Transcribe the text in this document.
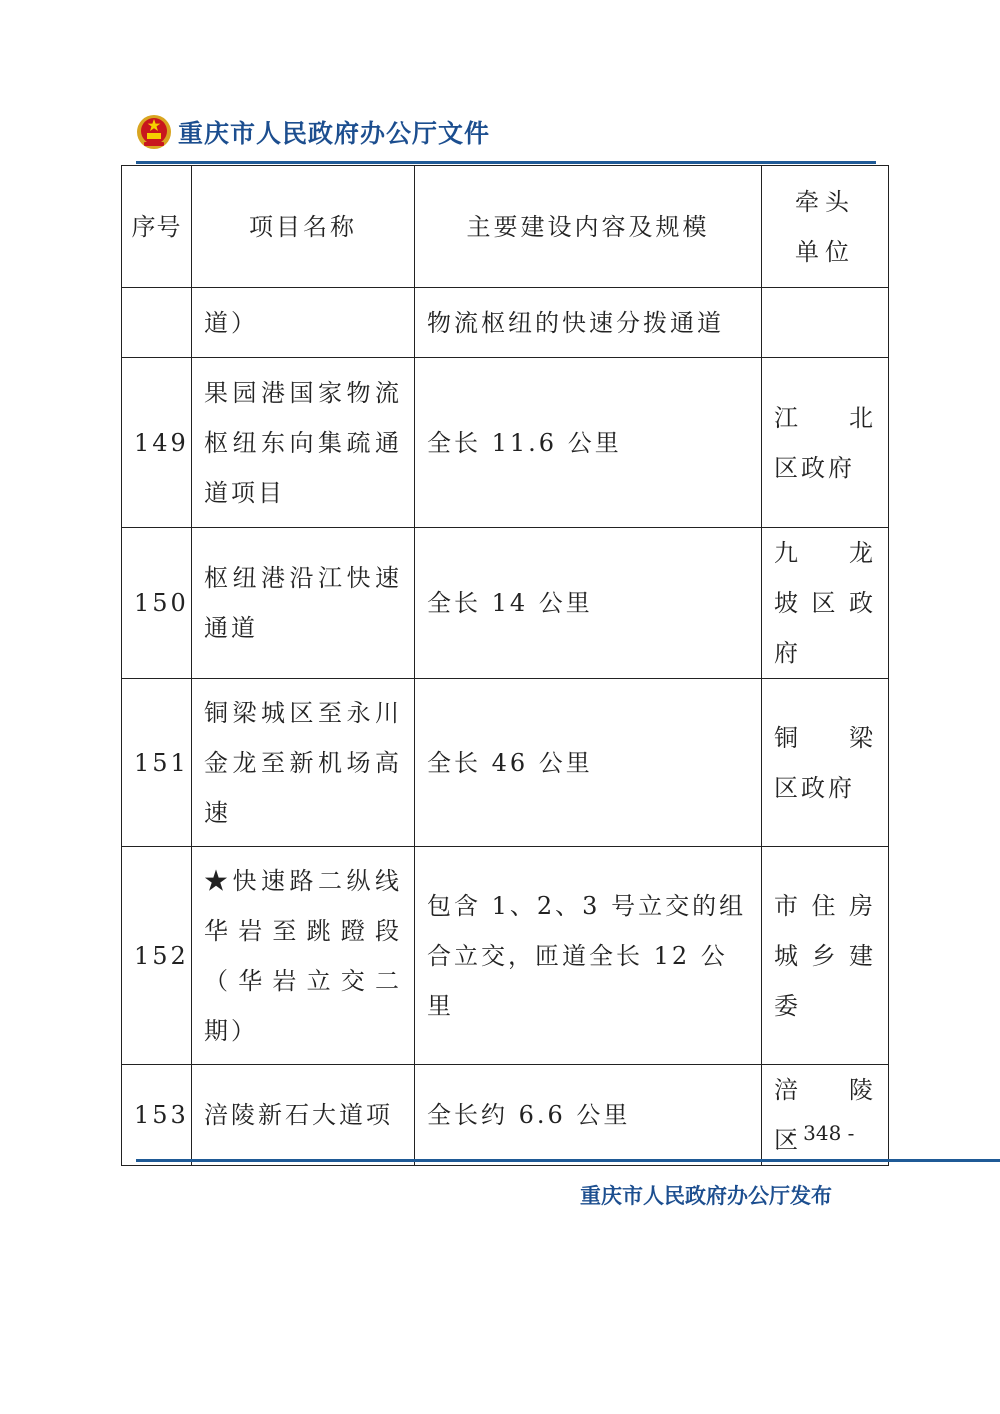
重庆市人民政府办公厅文件
序号	项目名称	主要建设内容及规模	牵头单位
	道）	物流枢纽的快速分拨通道	
149	果园港国家物流枢纽东向集疏通道项目	全长 11.6 公里	江 北 区政府
150	枢纽港沿江快速通道	全长 14 公里	九 龙 坡区政府
151	铜梁城区至永川金龙至新机场高速	全长 46 公里	铜 梁 区政府
152	★快速路二纵线华岩至跳蹬段（华岩立交二期）	包含 1、2、3 号立交的组合立交，匝道全长 12 公里	市住房城乡建委
153	涪陵新石大道项	全长约 6.6 公里	涪 陵 区
- 348 -
重庆市人民政府办公厅发布
